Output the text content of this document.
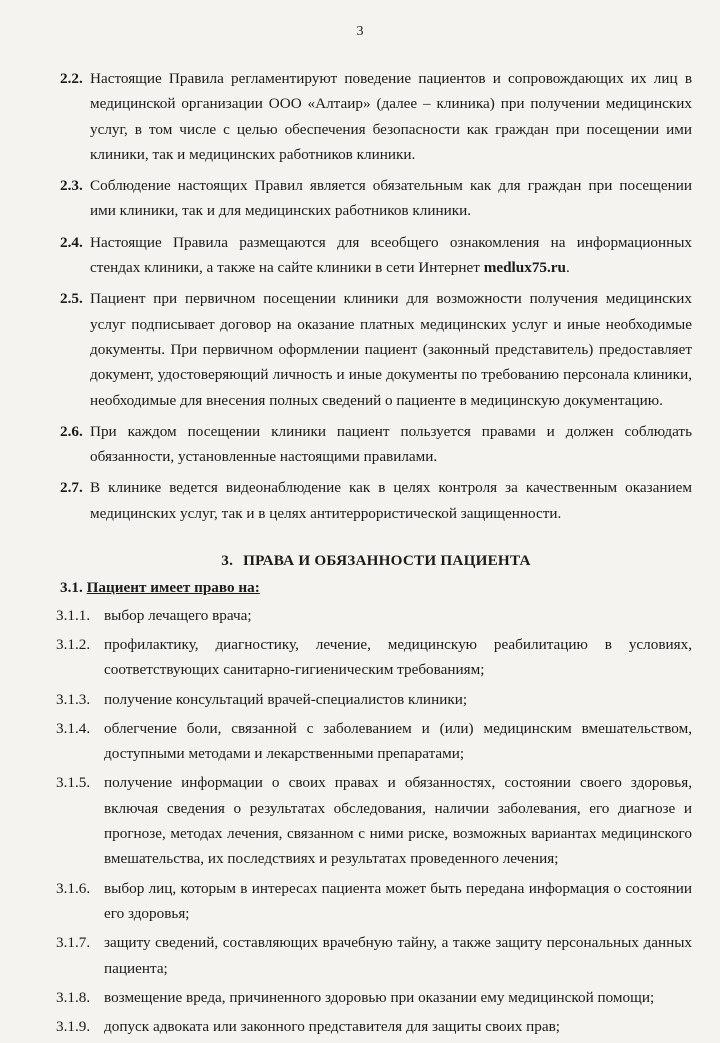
3
2.2. Настоящие Правила регламентируют поведение пациентов и сопровождающих их лиц в медицинской организации ООО «Алтаир» (далее – клиника) при получении медицинских услуг, в том числе с целью обеспечения безопасности как граждан при посещении ими клиники, так и медицинских работников клиники.
2.3. Соблюдение настоящих Правил является обязательным как для граждан при посещении ими клиники, так и для медицинских работников клиники.
2.4. Настоящие Правила размещаются для всеобщего ознакомления на информационных стендах клиники, а также на сайте клиники в сети Интернет medlux75.ru.
2.5. Пациент при первичном посещении клиники для возможности получения медицинских услуг подписывает договор на оказание платных медицинских услуг и иные необходимые документы. При первичном оформлении пациент (законный представитель) предоставляет документ, удостоверяющий личность и иные документы по требованию персонала клиники, необходимые для внесения полных сведений о пациенте в медицинскую документацию.
2.6. При каждом посещении клиники пациент пользуется правами и должен соблюдать обязанности, установленные настоящими правилами.
2.7. В клинике ведется видеонаблюдение как в целях контроля за качественным оказанием медицинских услуг, так и в целях антитеррористической защищенности.
3. ПРАВА И ОБЯЗАННОСТИ ПАЦИЕНТА
3.1. Пациент имеет право на:
3.1.1. выбор лечащего врача;
3.1.2. профилактику, диагностику, лечение, медицинскую реабилитацию в условиях, соответствующих санитарно-гигиеническим требованиям;
3.1.3. получение консультаций врачей-специалистов клиники;
3.1.4. облегчение боли, связанной с заболеванием и (или) медицинским вмешательством, доступными методами и лекарственными препаратами;
3.1.5. получение информации о своих правах и обязанностях, состоянии своего здоровья, включая сведения о результатах обследования, наличии заболевания, его диагнозе и прогнозе, методах лечения, связанном с ними риске, возможных вариантах медицинского вмешательства, их последствиях и результатах проведенного лечения;
3.1.6. выбор лиц, которым в интересах пациента может быть передана информация о состоянии его здоровья;
3.1.7. защиту сведений, составляющих врачебную тайну, а также защиту персональных данных пациента;
3.1.8. возмещение вреда, причиненного здоровью при оказании ему медицинской помощи;
3.1.9. допуск адвоката или законного представителя для защиты своих прав;
